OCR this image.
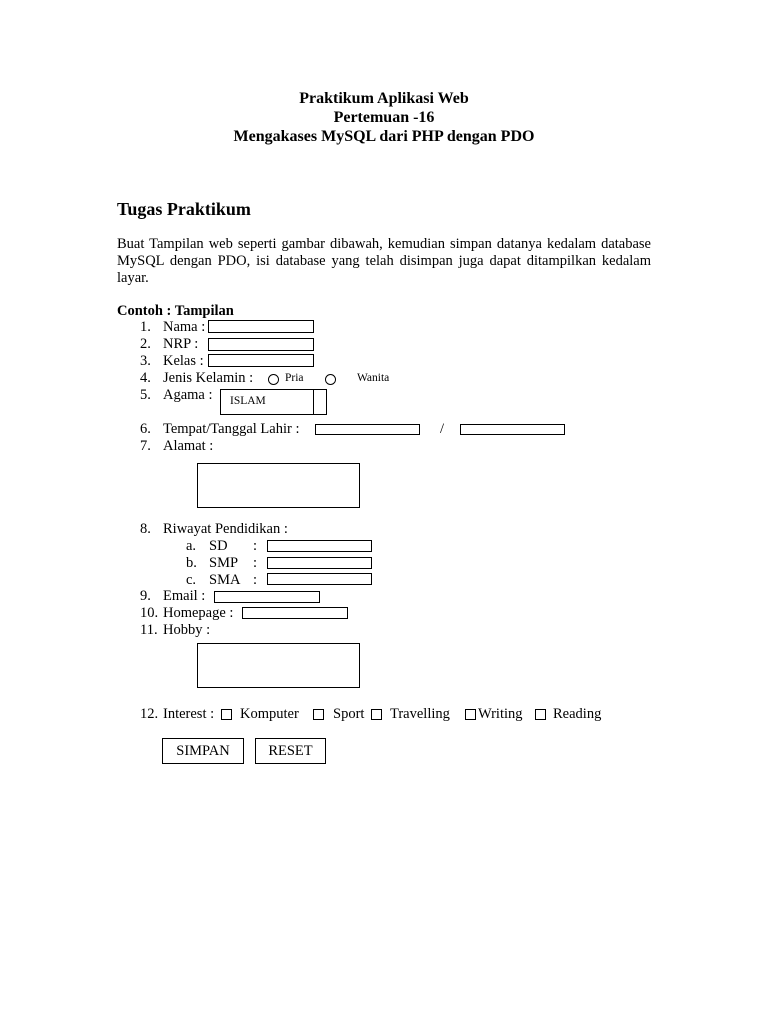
Praktikum Aplikasi Web
Pertemuan -16
Mengakases MySQL dari PHP dengan PDO
Tugas Praktikum
Buat Tampilan web seperti gambar dibawah, kemudian simpan datanya kedalam database MySQL dengan PDO, isi database yang telah disimpan juga dapat ditampilkan kedalam layar.
Contoh : Tampilan
1. Nama :
2. NRP :
3. Kelas :
4. Jenis Kelamin :	Pria	Wanita
5. Agama : ISLAM
6. Tempat/Tanggal Lahir :	/
7. Alamat :
8. Riwayat Pendidikan :
a. SD :
b. SMP :
c. SMA :
9. Email :
10. Homepage :
11. Hobby :
12. Interest : Komputer Sport Travelling Writing Reading
SIMPAN	RESET
